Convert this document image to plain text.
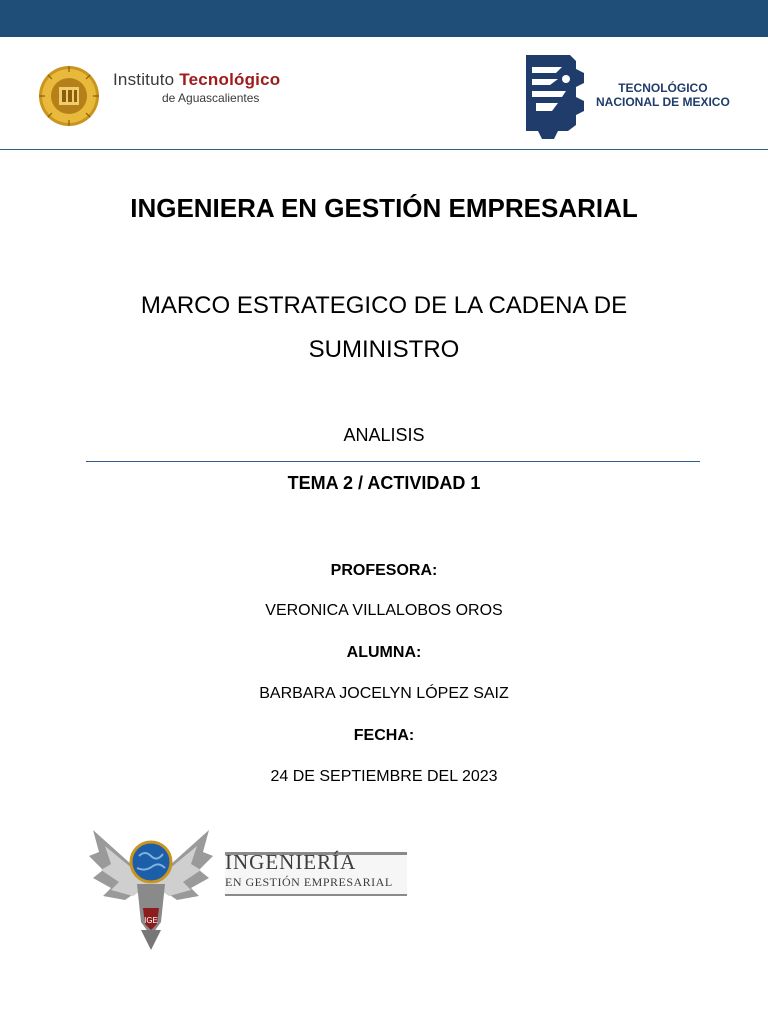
Instituto Tecnológico
de Aguascalientes
TECNOLÓGICO
NACIONAL DE MEXICO
INGENIERA EN GESTIÓN EMPRESARIAL
MARCO ESTRATEGICO DE LA CADENA DE
SUMINISTRO
ANALISIS
TEMA 2 / ACTIVIDAD 1
PROFESORA:
VERONICA VILLALOBOS OROS
ALUMNA:
BARBARA JOCELYN LÓPEZ SAIZ
FECHA:
24 DE SEPTIEMBRE DEL 2023
IGE
INGENIERÍA
EN GESTIÓN EMPRESARIAL
